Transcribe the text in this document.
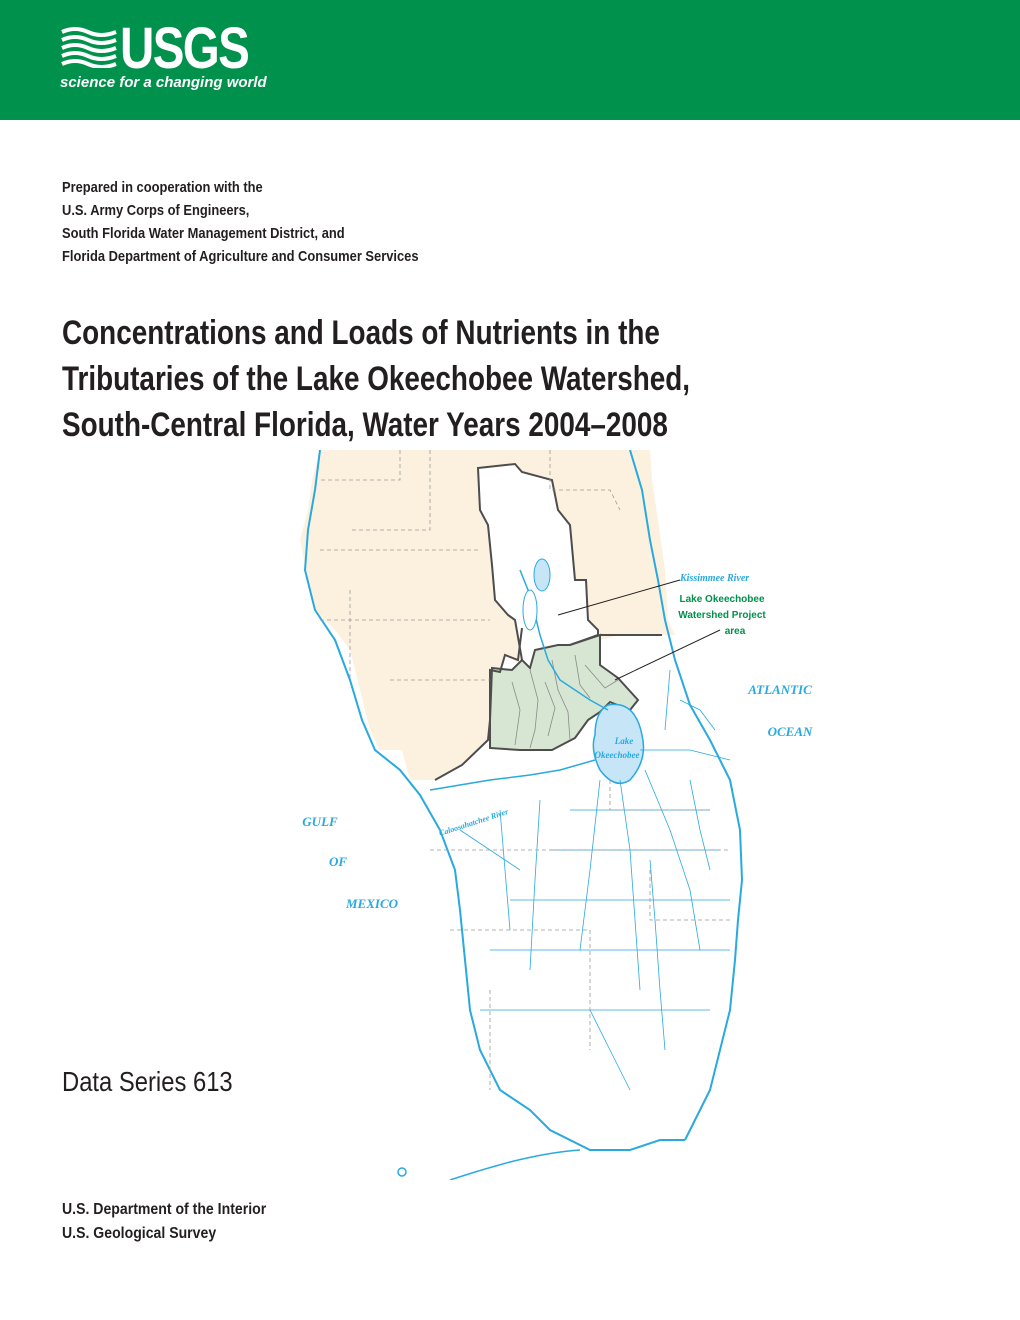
USGS
science for a changing world
Prepared in cooperation with the
U.S. Army Corps of Engineers,
South Florida Water Management District, and
Florida Department of Agriculture and Consumer Services
Concentrations and Loads of Nutrients in the
Tributaries of the Lake Okeechobee Watershed,
South-Central Florida, Water Years 2004–2008
Kissimmee River
Lake Okeechobee
Watershed Project
area
ATLANTIC
OCEAN
Lake
Okeechobee
Caloosahatchee River
GULF
OF
MEXICO
Data Series 613
U.S. Department of the Interior
U.S. Geological Survey
